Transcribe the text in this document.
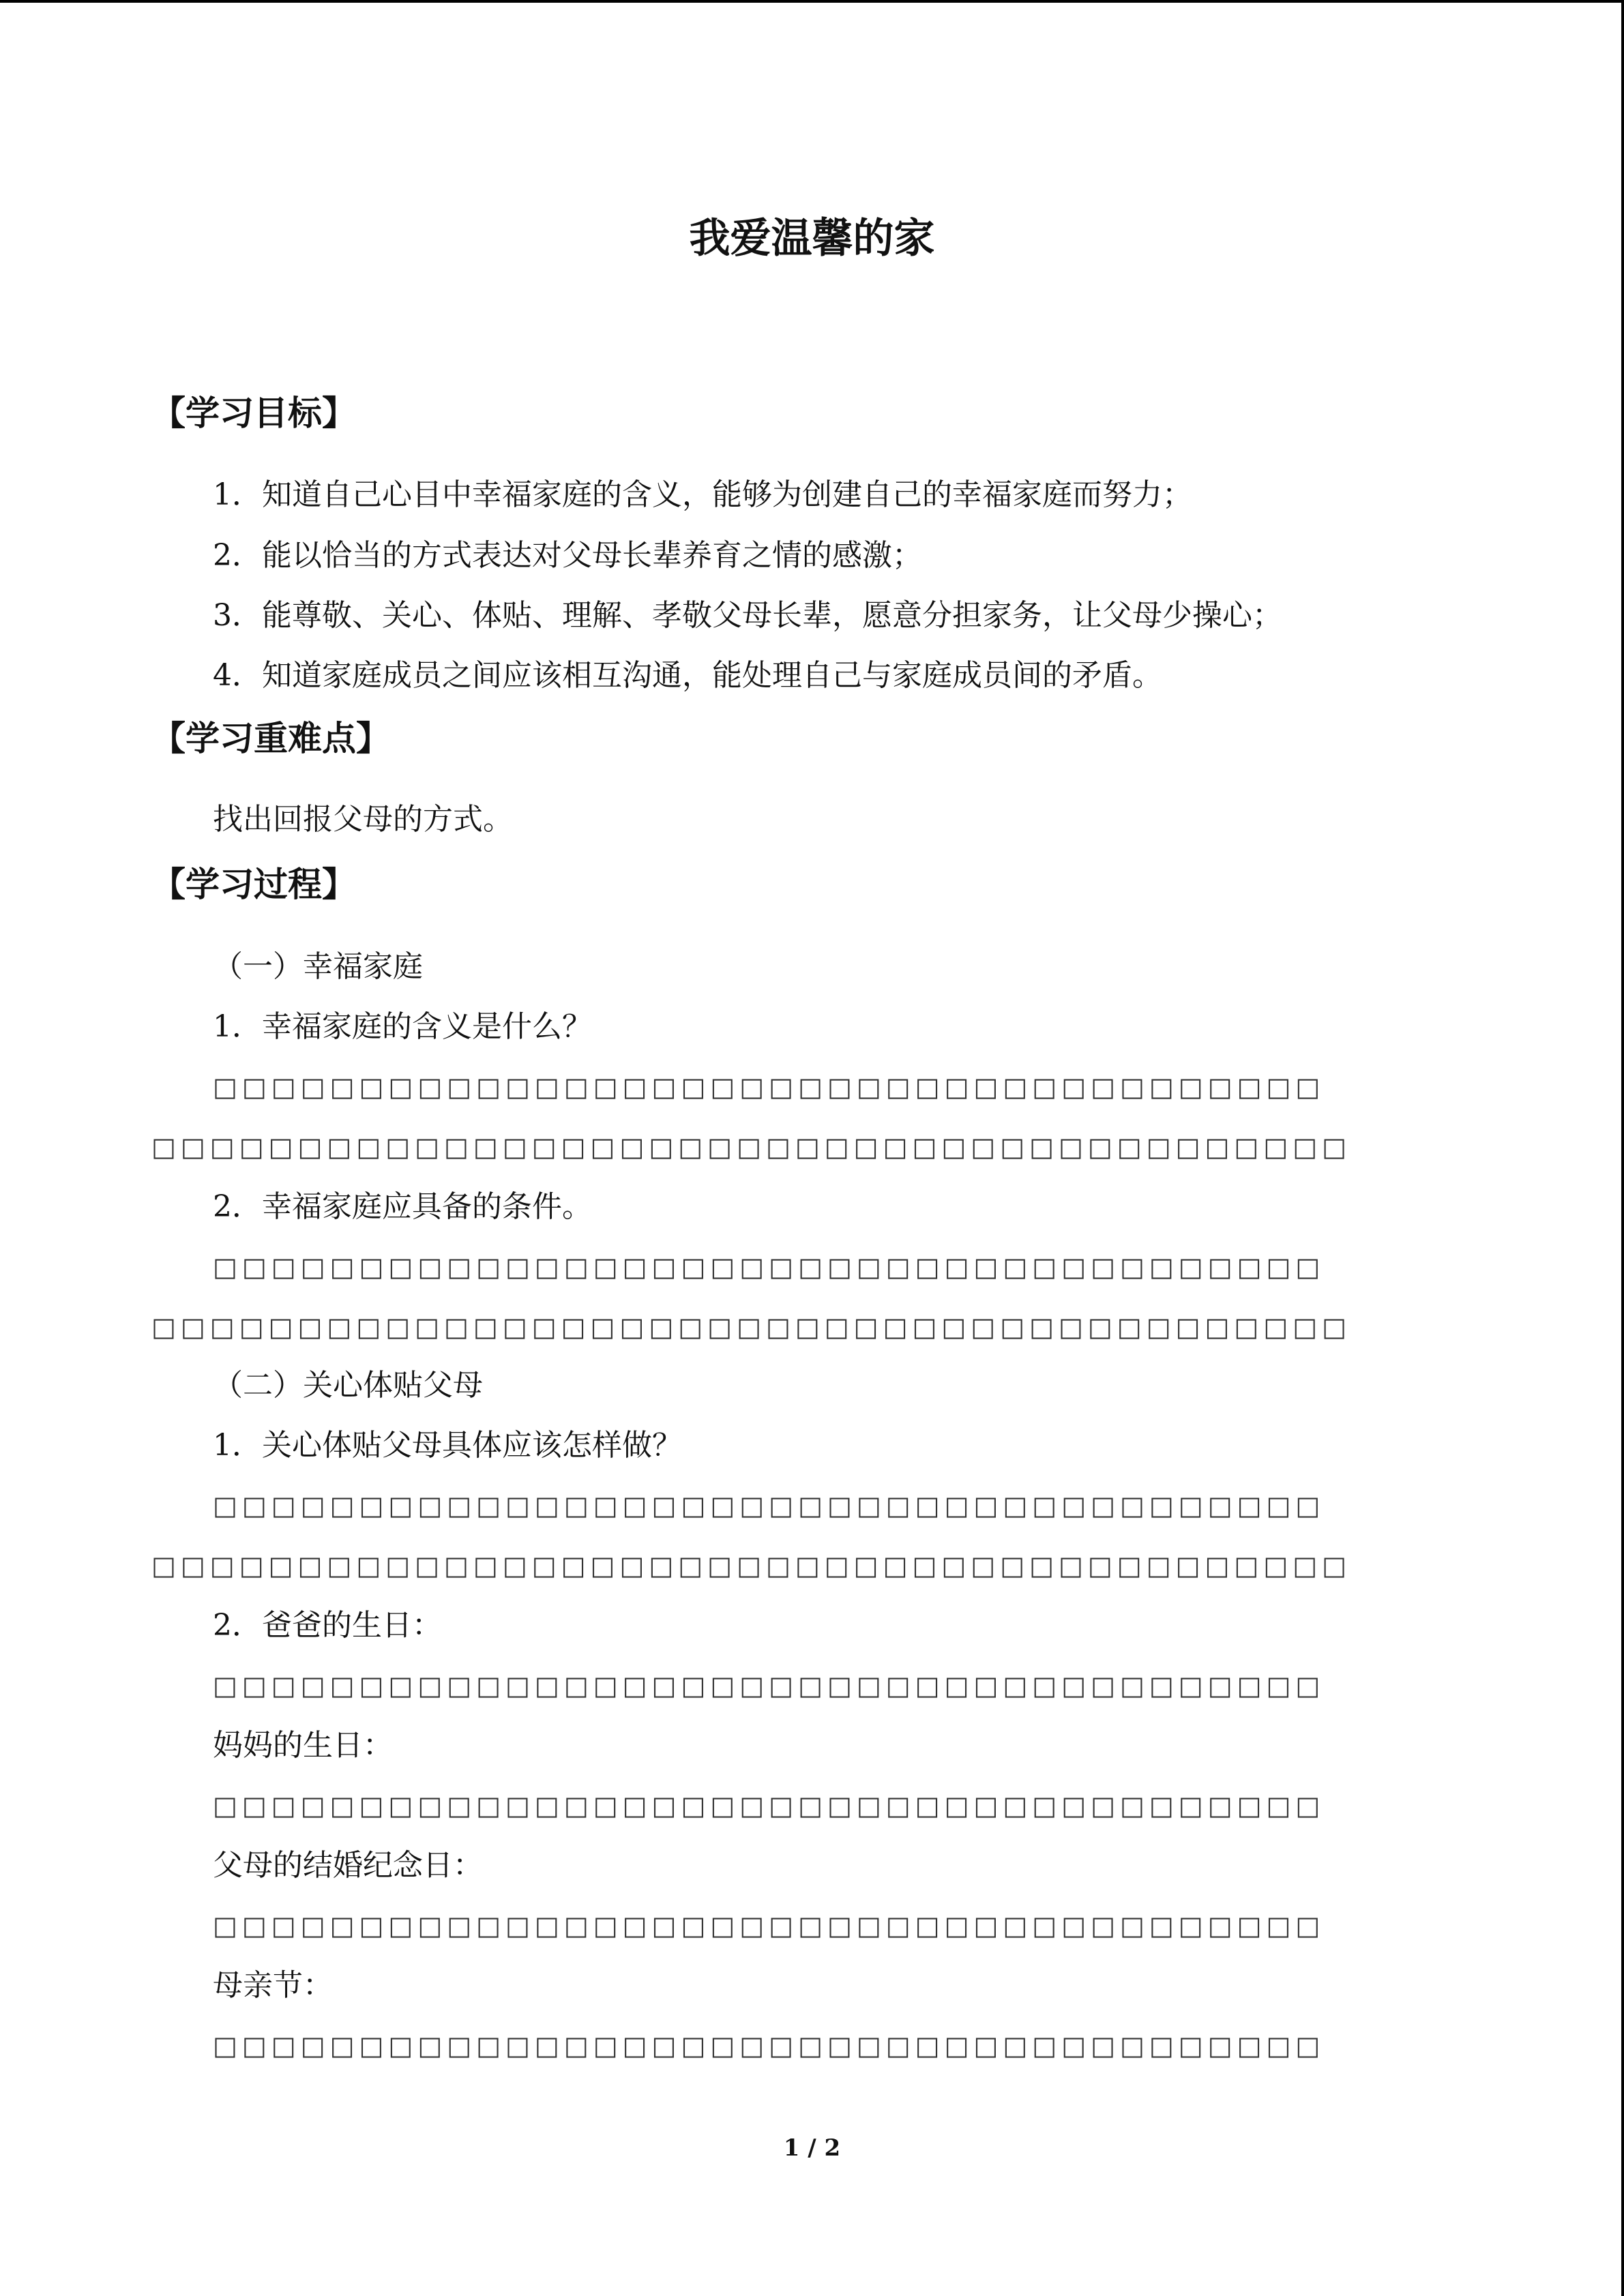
我爱温馨的家
【学习目标】

1．知道自己心目中幸福家庭的含义，能够为创建自己的幸福家庭而努力；

2．能以恰当的方式表达对父母长辈养育之情的感激；

3．能尊敬、关心、体贴、理解、孝敬父母长辈，愿意分担家务，让父母少操心；

4．知道家庭成员之间应该相互沟通，能处理自己与家庭成员间的矛盾。

【学习重难点】

找出回报父母的方式。

【学习过程】

（一）幸福家庭

1．幸福家庭的含义是什么？

□□□□□□□□□□□□□□□□□□□□□□□□□□□□□□□□□□□□□□

□□□□□□□□□□□□□□□□□□□□□□□□□□□□□□□□□□□□□□□□□

2．幸福家庭应具备的条件。

□□□□□□□□□□□□□□□□□□□□□□□□□□□□□□□□□□□□□□

□□□□□□□□□□□□□□□□□□□□□□□□□□□□□□□□□□□□□□□□□

（二）关心体贴父母

1．关心体贴父母具体应该怎样做？

□□□□□□□□□□□□□□□□□□□□□□□□□□□□□□□□□□□□□□

□□□□□□□□□□□□□□□□□□□□□□□□□□□□□□□□□□□□□□□□□

2．爸爸的生日：

□□□□□□□□□□□□□□□□□□□□□□□□□□□□□□□□□□□□□□

妈妈的生日：

□□□□□□□□□□□□□□□□□□□□□□□□□□□□□□□□□□□□□□

父母的结婚纪念日：

□□□□□□□□□□□□□□□□□□□□□□□□□□□□□□□□□□□□□□

母亲节：

□□□□□□□□□□□□□□□□□□□□□□□□□□□□□□□□□□□□□□

1 / 2
